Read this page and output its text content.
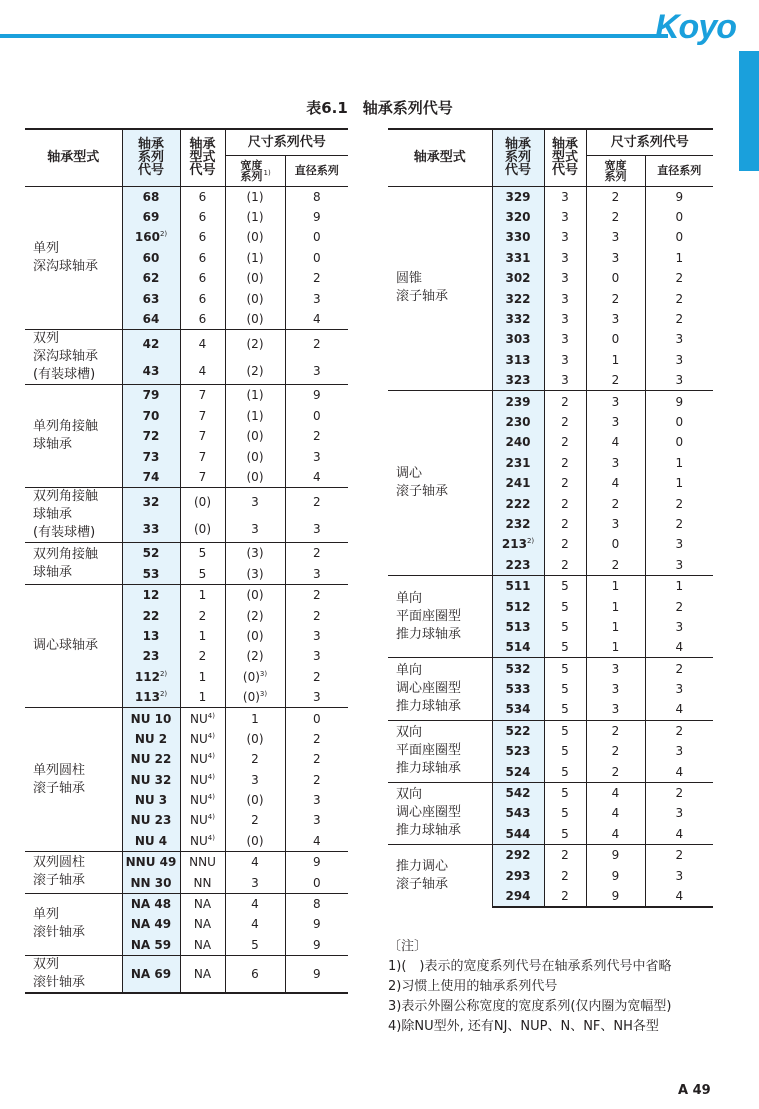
Koyo
表6.1　轴承系列代号
轴承型式	轴承系列代号	轴承型式代号	尺寸系列代号	
			宽度系列$^{1)}$	直径系列
单列
深沟球轴承	68	6	(1)	8
	69	6	(1)	9
	160$^{2)}$	6	(0)	0
	60	6	(1)	0
	62	6	(0)	2
	63	6	(0)	3
	64	6	(0)	4
双列
深沟球轴承
(有装球槽)	42	4	(2)	2
	43	4	(2)	3
单列角接触
球轴承	79	7	(1)	9
	70	7	(1)	0
	72	7	(0)	2
	73	7	(0)	3
	74	7	(0)	4
双列角接触
球轴承
(有装球槽)	32	(0)	3	2
	33	(0)	3	3
双列角接触
球轴承	52	5	(3)	2
	53	5	(3)	3
调心球轴承	12	1	(0)	2
	22	2	(2)	2
	13	1	(0)	3
	23	2	(2)	3
	112$^{2)}$	1	$(0)^{3)}$	2
	113$^{2)}$	1	$(0)^{3)}$	3
单列圆柱
滚子轴承	NU 10	NU$^{4)}$	1	0
	NU 2	NU$^{4)}$	(0)	2
	NU 22	NU$^{4)}$	2	2
	NU 32	NU$^{4)}$	3	2
	NU 3	NU$^{4)}$	(0)	3
	NU 23	NU$^{4)}$	2	3
	NU 4	NU$^{4)}$	(0)	4
双列圆柱
滚子轴承	NNU 49	NNU	4	9
	NN 30	NN	3	0
单列
滚针轴承	NA 48	NA	4	8
	NA 49	NA	4	9
	NA 59	NA	5	9
双列
滚针轴承	NA 69	NA	6	9
轴承型式	轴承系列代号	轴承型式代号	尺寸系列代号	
			宽度系列	直径系列
圆锥
滚子轴承	329	3	2	9
	320	3	2	0
	330	3	3	0
	331	3	3	1
	302	3	0	2
	322	3	2	2
	332	3	3	2
	303	3	0	3
	313	3	1	3
	323	3	2	3
调心
滚子轴承	239	2	3	9
	230	2	3	0
	240	2	4	0
	231	2	3	1
	241	2	4	1
	222	2	2	2
	232	2	3	2
	213$^{2)}$	2	0	3
	223	2	2	3
单向
平面座圈型
推力球轴承	511	5	1	1
	512	5	1	2
	513	5	1	3
	514	5	1	4
单向
调心座圈型
推力球轴承	532	5	3	2
	533	5	3	3
	534	5	3	4
双向
平面座圈型
推力球轴承	522	5	2	2
	523	5	2	3
	524	5	2	4
双向
调心座圈型
推力球轴承	542	5	4	2
	543	5	4	3
	544	5	4	4
推力调心
滚子轴承	292	2	9	2
	293	2	9	3
	294	2	9	4
〔注〕
1)(　)表示的宽度系列代号在轴承系列代号中省略
2)习惯上使用的轴承系列代号
3)表示外圈公称宽度的宽度系列(仅内圈为宽幅型)
4)除NU型外, 还有NJ、NUP、N、NF、NH各型
A 49
